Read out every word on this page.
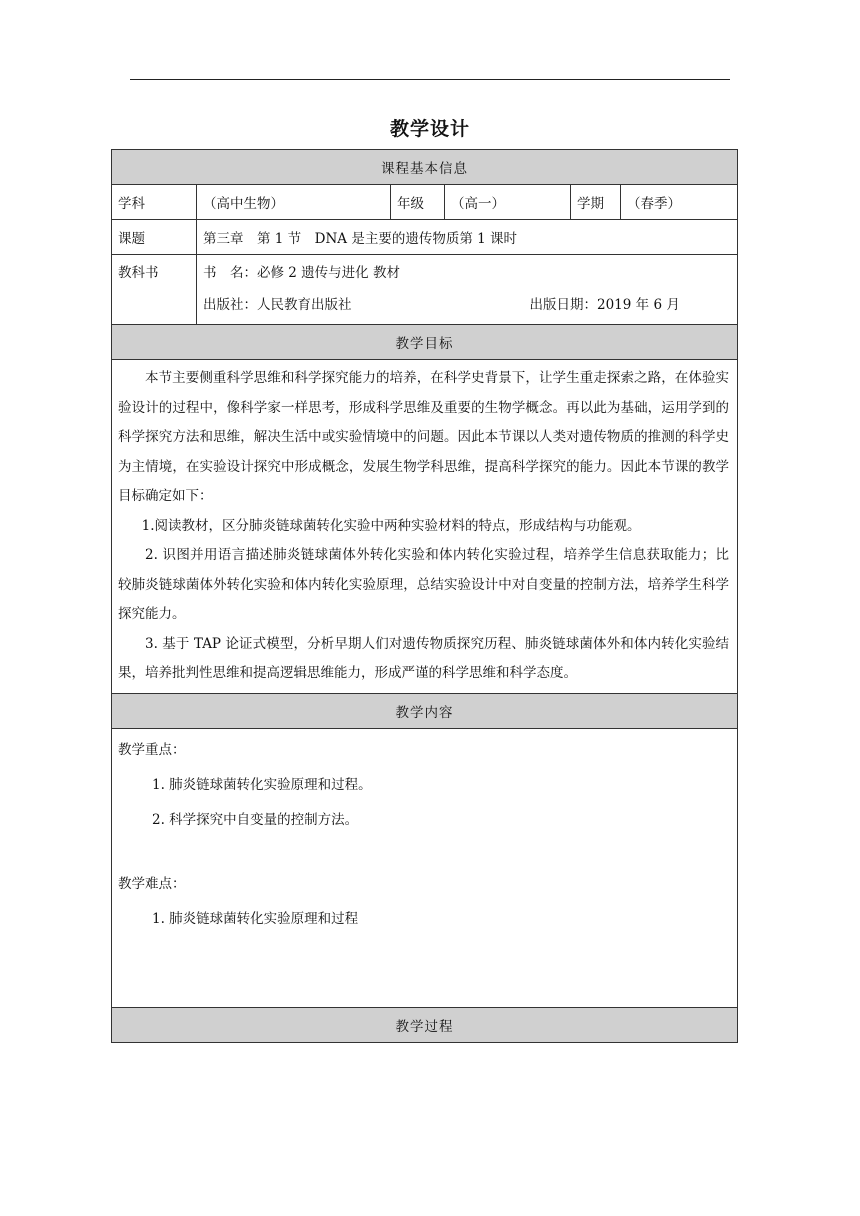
教学设计
课程基本信息					
学科	（高中生物）	年级	（高一）	学期	（春季）
课题	第三章　第 1 节　DNA 是主要的遗传物质第 1 课时				

教科书	书　名：必修 2 遗传与进化 教材
出版社：人民教育出版社 出版日期：2019 年 6 月				

教学目标					

本节主要侧重科学思维和科学探究能力的培养，在科学史背景下，让学生重走探索之路，在体验实验设计的过程中，像科学家一样思考，形成科学思维及重要的生物学概念。再以此为基础，运用学到的科学探究方法和思维，解决生活中或实验情境中的问题。因此本节课以人类对遗传物质的推测的科学史为主情境，在实验设计探究中形成概念，发展生物学科思维，提高科学探究的能力。因此本节课的教学目标确定如下：

1.阅读教材，区分肺炎链球菌转化实验中两种实验材料的特点，形成结构与功能观。

2. 识图并用语言描述肺炎链球菌体外转化实验和体内转化实验过程，培养学生信息获取能力；比较肺炎链球菌体外转化实验和体内转化实验原理，总结实验设计中对自变量的控制方法，培养学生科学探究能力。

3. 基于 TAP 论证式模型，分析早期人们对遗传物质探究历程、肺炎链球菌体外和体内转化实验结果，培养批判性思维和提高逻辑思维能力，形成严谨的科学思维和科学态度。					

教学内容					

教学重点：
1. 肺炎链球菌转化实验原理和过程。
2. 科学探究中自变量的控制方法。
教学难点：
1. 肺炎链球菌转化实验原理和过程					

教学过程					
